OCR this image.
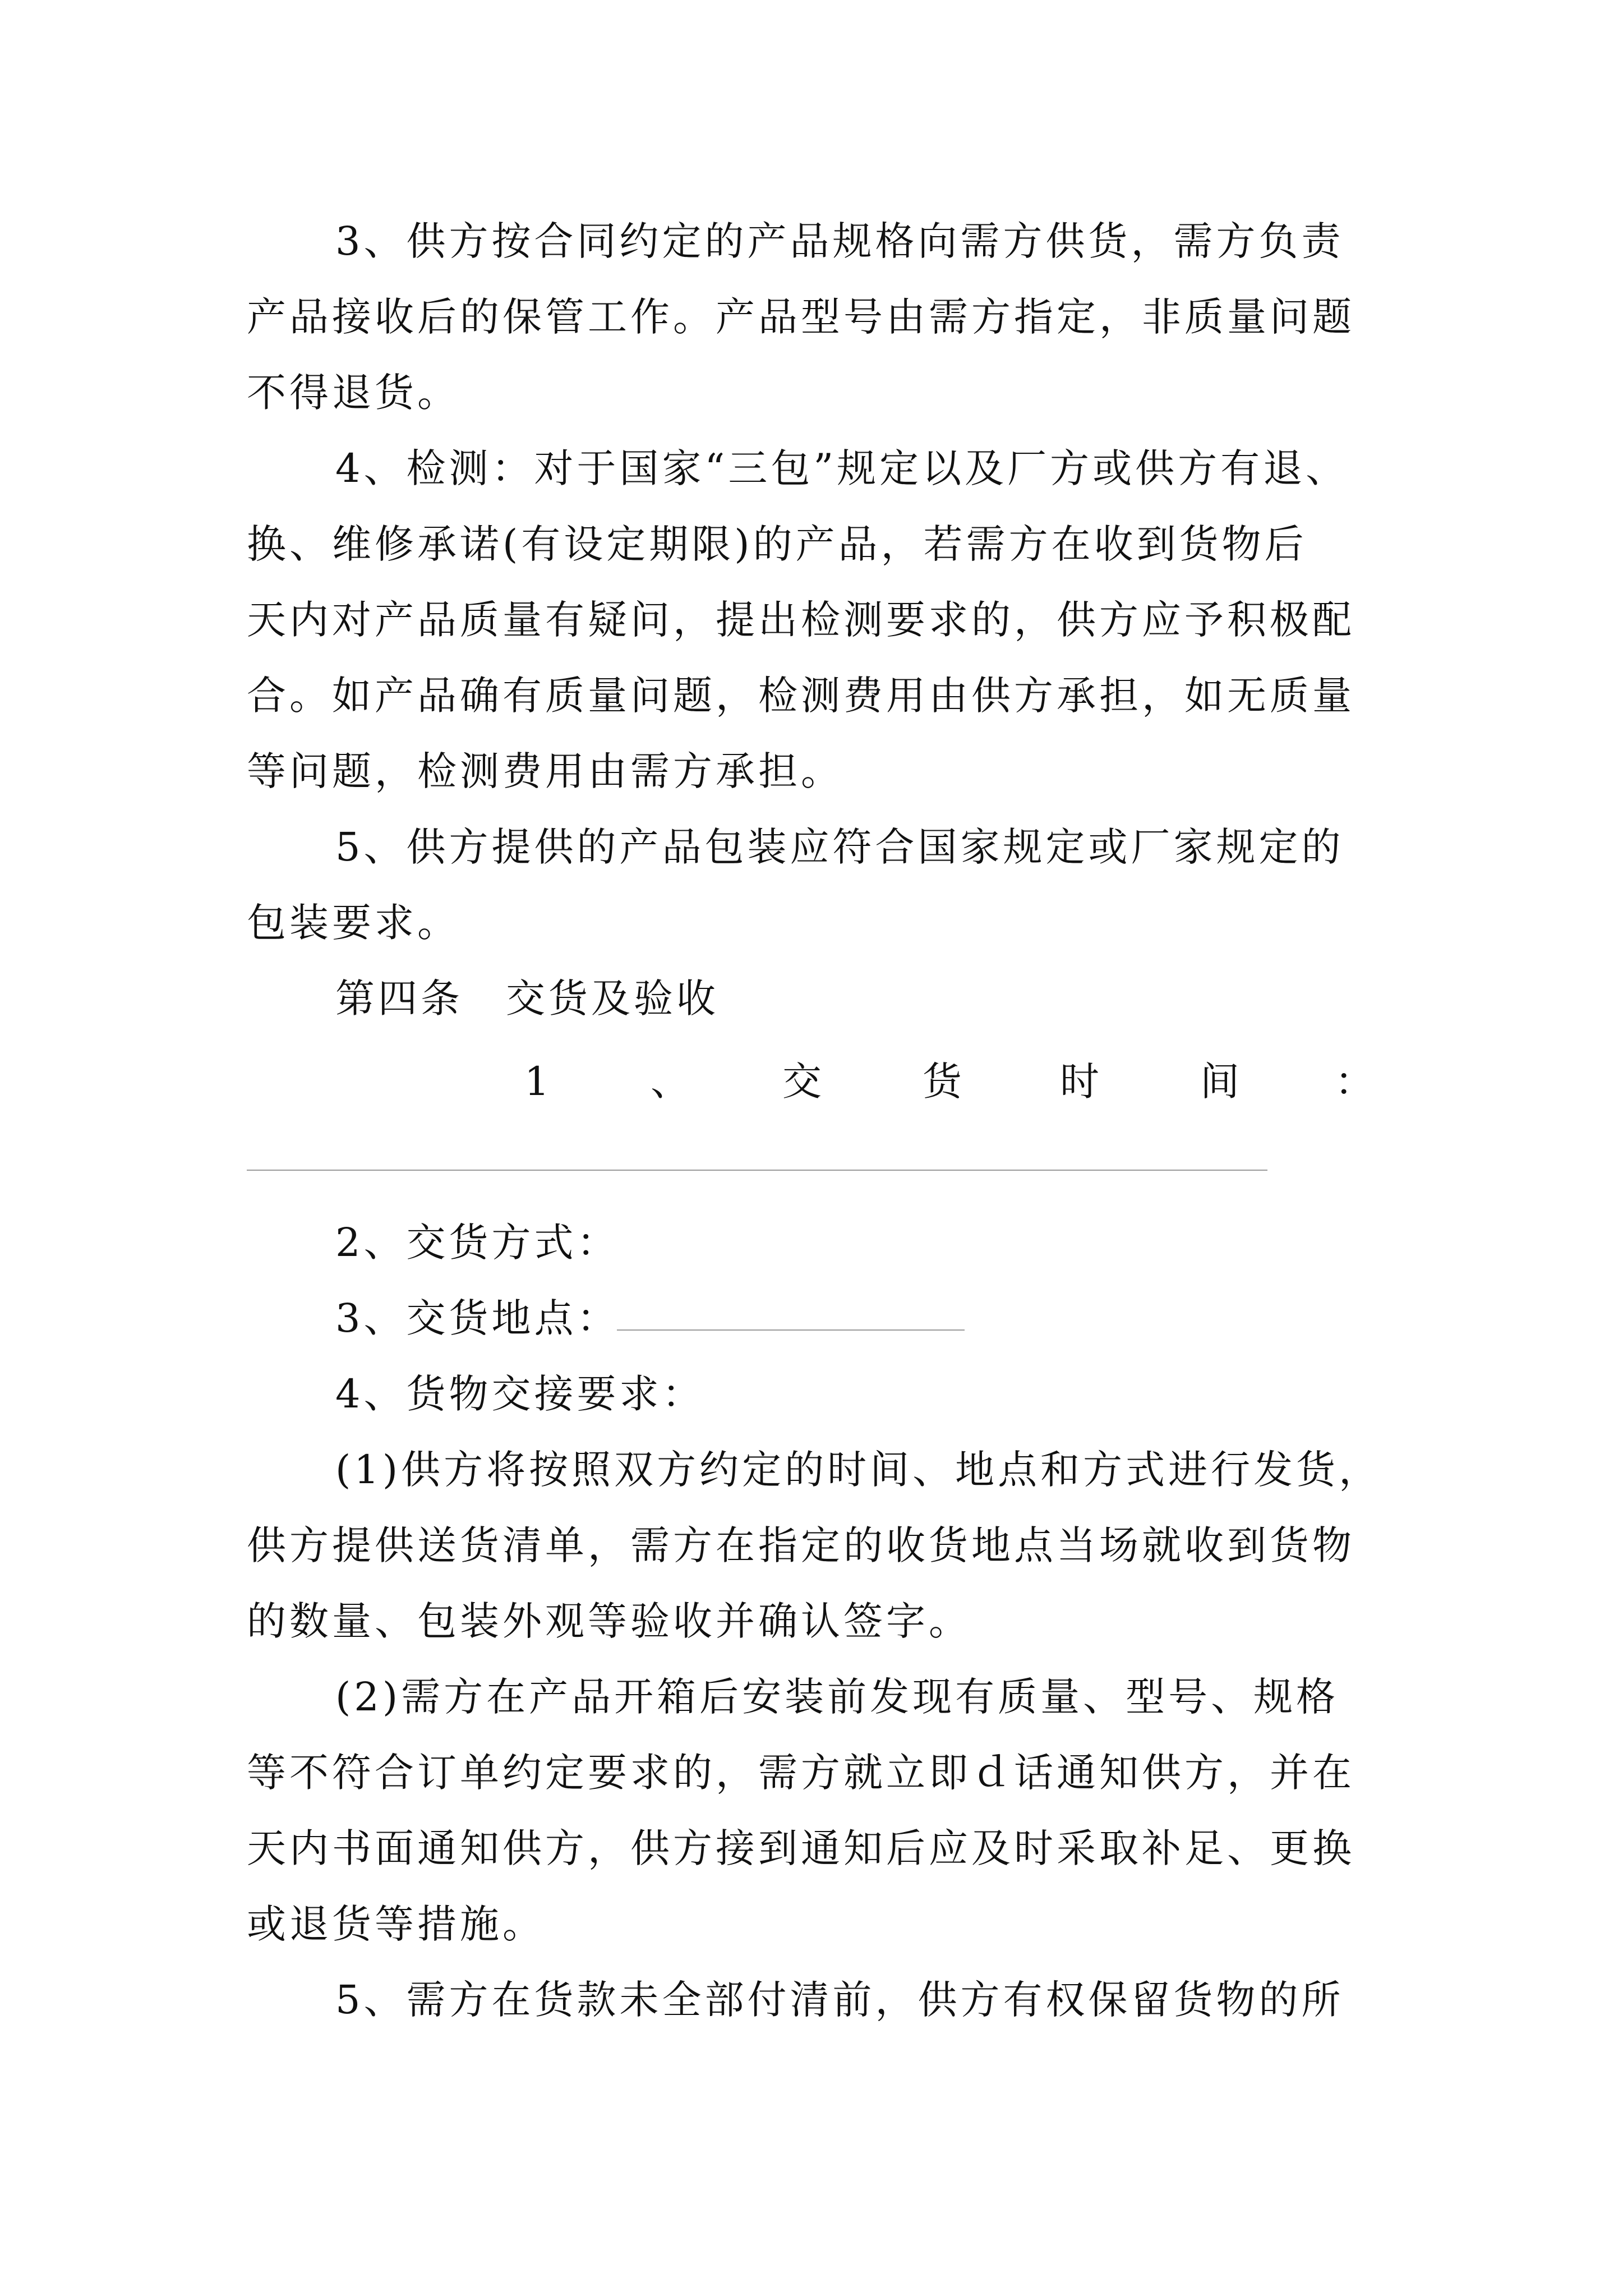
3、供方按合同约定的产品规格向需方供货，需方负责
产品接收后的保管工作。产品型号由需方指定，非质量问题
不得退货。
4、检测：对于国家“三包”规定以及厂方或供方有退、
换、维修承诺(有设定期限)的产品，若需方在收到货物后
天内对产品质量有疑问，提出检测要求的，供方应予积极配
合。如产品确有质量问题，检测费用由供方承担，如无质量
等问题，检测费用由需方承担。
5、供方提供的产品包装应符合国家规定或厂家规定的
包装要求。
第四条　交货及验收
1	、 交	货	时	间 ：
2、交货方式：
3、交货地点：
4、货物交接要求：
(1)供方将按照双方约定的时间、地点和方式进行发货，
供方提供送货清单，需方在指定的收货地点当场就收到货物
的数量、包装外观等验收并确认签字。
(2)需方在产品开箱后安装前发现有质量、型号、规格
等不符合订单约定要求的，需方就立即ｄ话通知供方，并在
天内书面通知供方，供方接到通知后应及时采取补足、更换
或退货等措施。
5、需方在货款未全部付清前，供方有权保留货物的所
